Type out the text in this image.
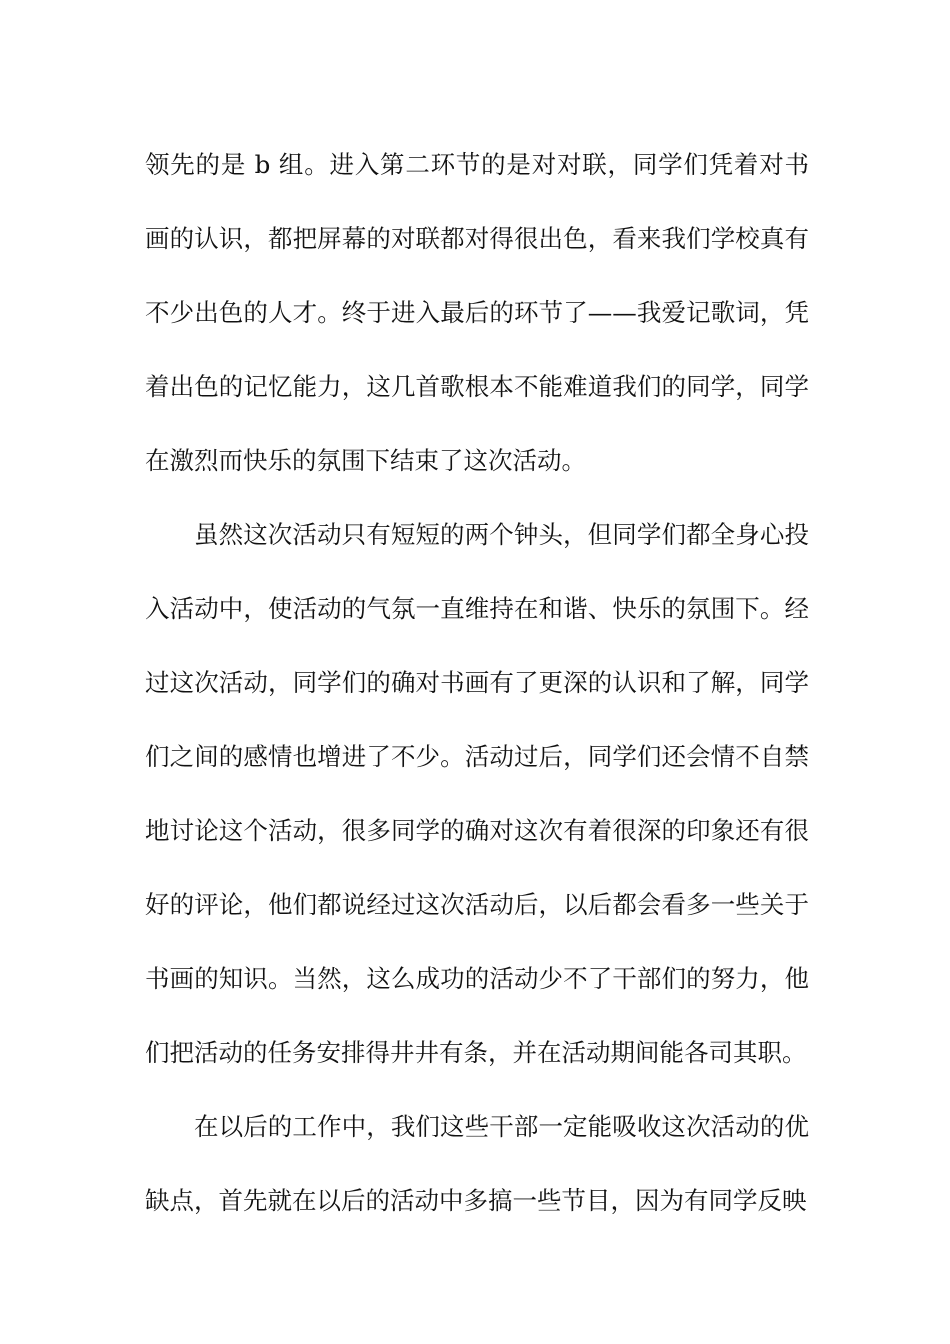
领先的是 b 组。进入第二环节的是对对联，同学们凭着对书画的认识，都把屏幕的对联都对得很出色，看来我们学校真有不少出色的人才。终于进入最后的环节了——我爱记歌词，凭着出色的记忆能力，这几首歌根本不能难道我们的同学，同学在激烈而快乐的氛围下结束了这次活动。

虽然这次活动只有短短的两个钟头，但同学们都全身心投入活动中，使活动的气氛一直维持在和谐、快乐的氛围下。经过这次活动，同学们的确对书画有了更深的认识和了解，同学们之间的感情也增进了不少。活动过后，同学们还会情不自禁地讨论这个活动，很多同学的确对这次有着很深的印象还有很好的评论，他们都说经过这次活动后，以后都会看多一些关于书画的知识。当然，这么成功的活动少不了干部们的努力，他们把活动的任务安排得井井有条，并在活动期间能各司其职。

在以后的工作中，我们这些干部一定能吸收这次活动的优缺点，首先就在以后的活动中多搞一些节目，因为有同学反映
